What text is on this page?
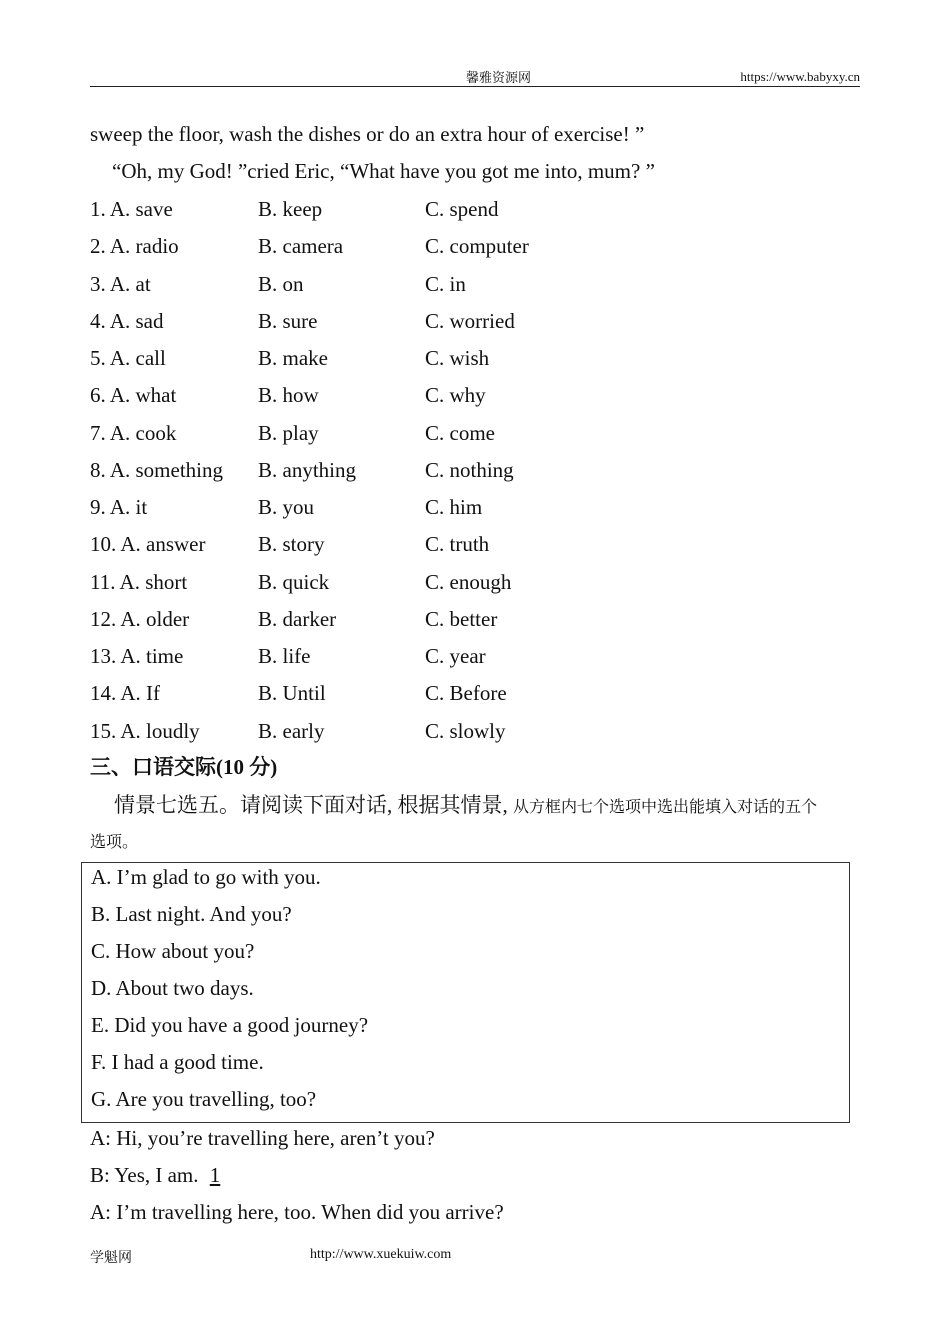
馨雅资源网	https://www.babyxy.cn
sweep the floor, wash the dishes or do an extra hour of exercise! ”
“Oh, my God! ”cried Eric, “What have you got me into, mum? ”
1. A. save	B. keep	C. spend
2. A. radio	B. camera	C. computer
3. A. at	B. on	C. in
4. A. sad	B. sure	C. worried
5. A. call	B. make	C. wish
6. A. what	B. how	C. why
7. A. cook	B. play	C. come
8. A. something B. anything	C. nothing
9. A. it	B. you	C. him
10. A. answer	B. story	C. truth
11. A. short	B. quick	C. enough
12. A. older	B. darker	C. better
13. A. time	B. life	C. year
14. A. If	B. Until	C. Before
15. A. loudly	B. early	C. slowly
三、口语交际(10 分)
情景七选五。请阅读下面对话, 根据其情景, 从方框内七个选项中选出能填入对话的五个
选项。
A. I’m glad to go with you.
B. Last night. And you?
C. How about you?
D. About two days.
E. Did you have a good journey?
F. I had a good time.
G. Are you travelling, too?
A: Hi, you’re travelling here, aren’t you?
B: Yes, I am. 1
A: I’m travelling here, too. When did you arrive?
学魁网	http://www.xuekuiw.com
